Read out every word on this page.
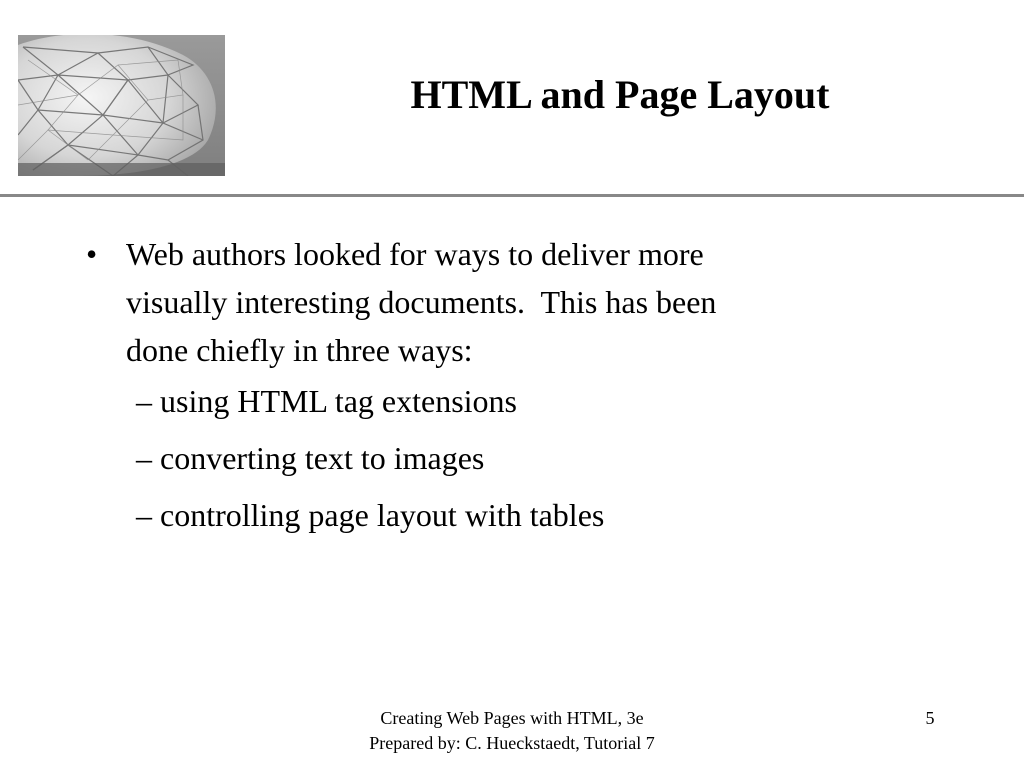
HTML and Page Layout
• Web authors looked for ways to deliver more
visually interesting documents.  This has been
done chiefly in three ways:
– using HTML tag extensions
– converting text to images
– controlling page layout with tables
Creating Web Pages with HTML, 3e
Prepared by: C. Hueckstaedt, Tutorial 7
5
